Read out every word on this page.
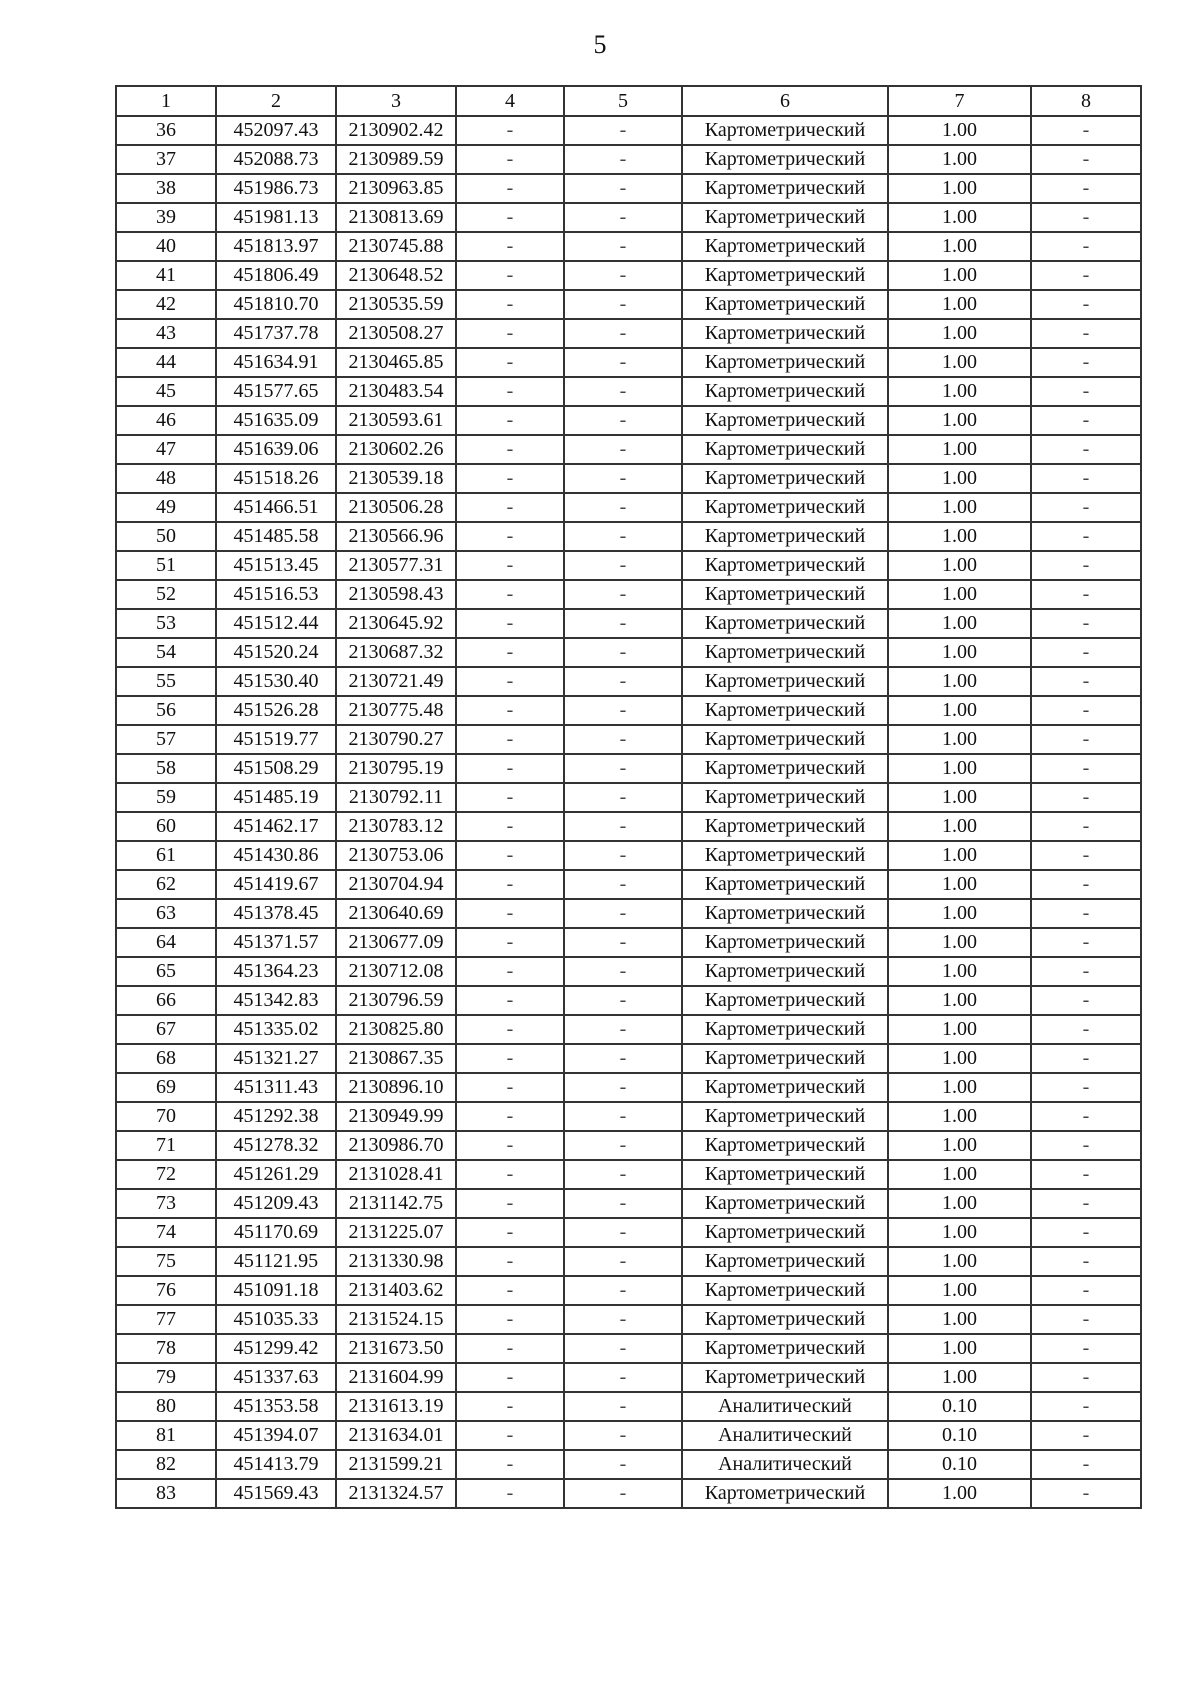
5
1	2	3	4	5	6	7	8
36	452097.43	2130902.42	-	-	Картометрический	1.00	-
37	452088.73	2130989.59	-	-	Картометрический	1.00	-
38	451986.73	2130963.85	-	-	Картометрический	1.00	-
39	451981.13	2130813.69	-	-	Картометрический	1.00	-
40	451813.97	2130745.88	-	-	Картометрический	1.00	-
41	451806.49	2130648.52	-	-	Картометрический	1.00	-
42	451810.70	2130535.59	-	-	Картометрический	1.00	-
43	451737.78	2130508.27	-	-	Картометрический	1.00	-
44	451634.91	2130465.85	-	-	Картометрический	1.00	-
45	451577.65	2130483.54	-	-	Картометрический	1.00	-
46	451635.09	2130593.61	-	-	Картометрический	1.00	-
47	451639.06	2130602.26	-	-	Картометрический	1.00	-
48	451518.26	2130539.18	-	-	Картометрический	1.00	-
49	451466.51	2130506.28	-	-	Картометрический	1.00	-
50	451485.58	2130566.96	-	-	Картометрический	1.00	-
51	451513.45	2130577.31	-	-	Картометрический	1.00	-
52	451516.53	2130598.43	-	-	Картометрический	1.00	-
53	451512.44	2130645.92	-	-	Картометрический	1.00	-
54	451520.24	2130687.32	-	-	Картометрический	1.00	-
55	451530.40	2130721.49	-	-	Картометрический	1.00	-
56	451526.28	2130775.48	-	-	Картометрический	1.00	-
57	451519.77	2130790.27	-	-	Картометрический	1.00	-
58	451508.29	2130795.19	-	-	Картометрический	1.00	-
59	451485.19	2130792.11	-	-	Картометрический	1.00	-
60	451462.17	2130783.12	-	-	Картометрический	1.00	-
61	451430.86	2130753.06	-	-	Картометрический	1.00	-
62	451419.67	2130704.94	-	-	Картометрический	1.00	-
63	451378.45	2130640.69	-	-	Картометрический	1.00	-
64	451371.57	2130677.09	-	-	Картометрический	1.00	-
65	451364.23	2130712.08	-	-	Картометрический	1.00	-
66	451342.83	2130796.59	-	-	Картометрический	1.00	-
67	451335.02	2130825.80	-	-	Картометрический	1.00	-
68	451321.27	2130867.35	-	-	Картометрический	1.00	-
69	451311.43	2130896.10	-	-	Картометрический	1.00	-
70	451292.38	2130949.99	-	-	Картометрический	1.00	-
71	451278.32	2130986.70	-	-	Картометрический	1.00	-
72	451261.29	2131028.41	-	-	Картометрический	1.00	-
73	451209.43	2131142.75	-	-	Картометрический	1.00	-
74	451170.69	2131225.07	-	-	Картометрический	1.00	-
75	451121.95	2131330.98	-	-	Картометрический	1.00	-
76	451091.18	2131403.62	-	-	Картометрический	1.00	-
77	451035.33	2131524.15	-	-	Картометрический	1.00	-
78	451299.42	2131673.50	-	-	Картометрический	1.00	-
79	451337.63	2131604.99	-	-	Картометрический	1.00	-
80	451353.58	2131613.19	-	-	Аналитический	0.10	-
81	451394.07	2131634.01	-	-	Аналитический	0.10	-
82	451413.79	2131599.21	-	-	Аналитический	0.10	-
83	451569.43	2131324.57	-	-	Картометрический	1.00	-
